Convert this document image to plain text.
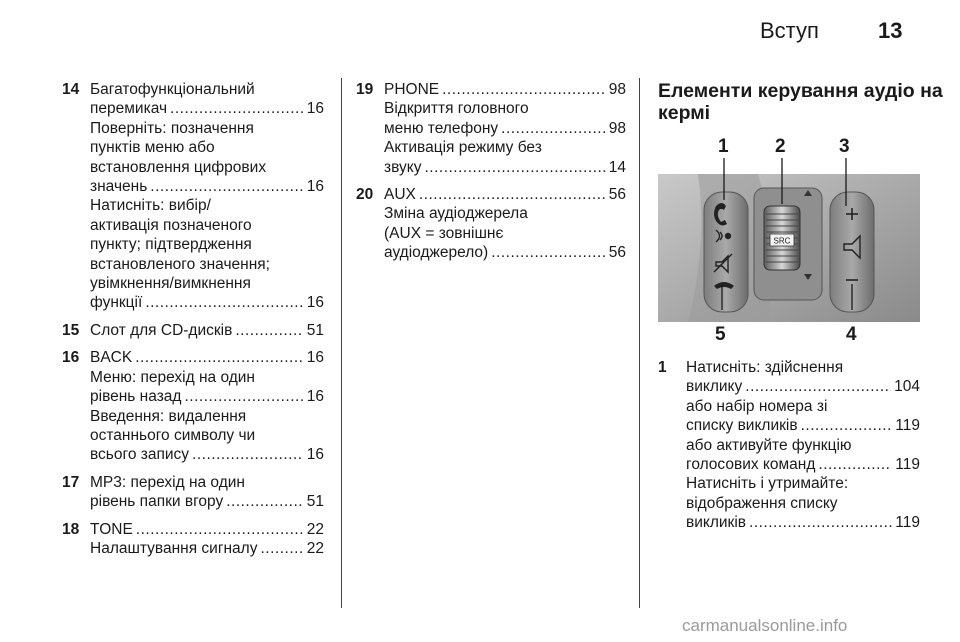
Вступ	13
14 Багатофункціональний
перемикач .....	16
Поверніть: позначення
пунктів меню або
встановлення цифрових
значень .....	16
Натисніть: вибір/
активація позначеного
пункту; підтвердження
встановленого значення;
увімкнення/вимкнення
функції .....	16
15 Слот для CD-дисків .....	51
16 BACK .....	16
Меню: перехід на один
рівень назад .....	16
Введення: видалення
останнього символу чи
всього запису .....	16
17 MP3: перехід на один
рівень папки вгору .....	51
18 TONE .....	22
Налаштування сигналу .....	22
19 PHONE .....	98
Відкриття головного
меню телефону .....	98
Активація режиму без
звуку .....	14
20 AUX .....	56
Зміна аудіоджерела
(AUX = зовнішнє
аудіоджерело) .....	56
Елементи керування аудіо на
кермі
SRC
1 2	3
4
5
1	Натисніть: здійснення
виклику .....	104
або набір номера зі
списку викликів .....	119
або активуйте функцію
голосових команд .....	119
Натисніть і утримайте:
відображення списку
викликів .....	119
carmanualsonline.info
